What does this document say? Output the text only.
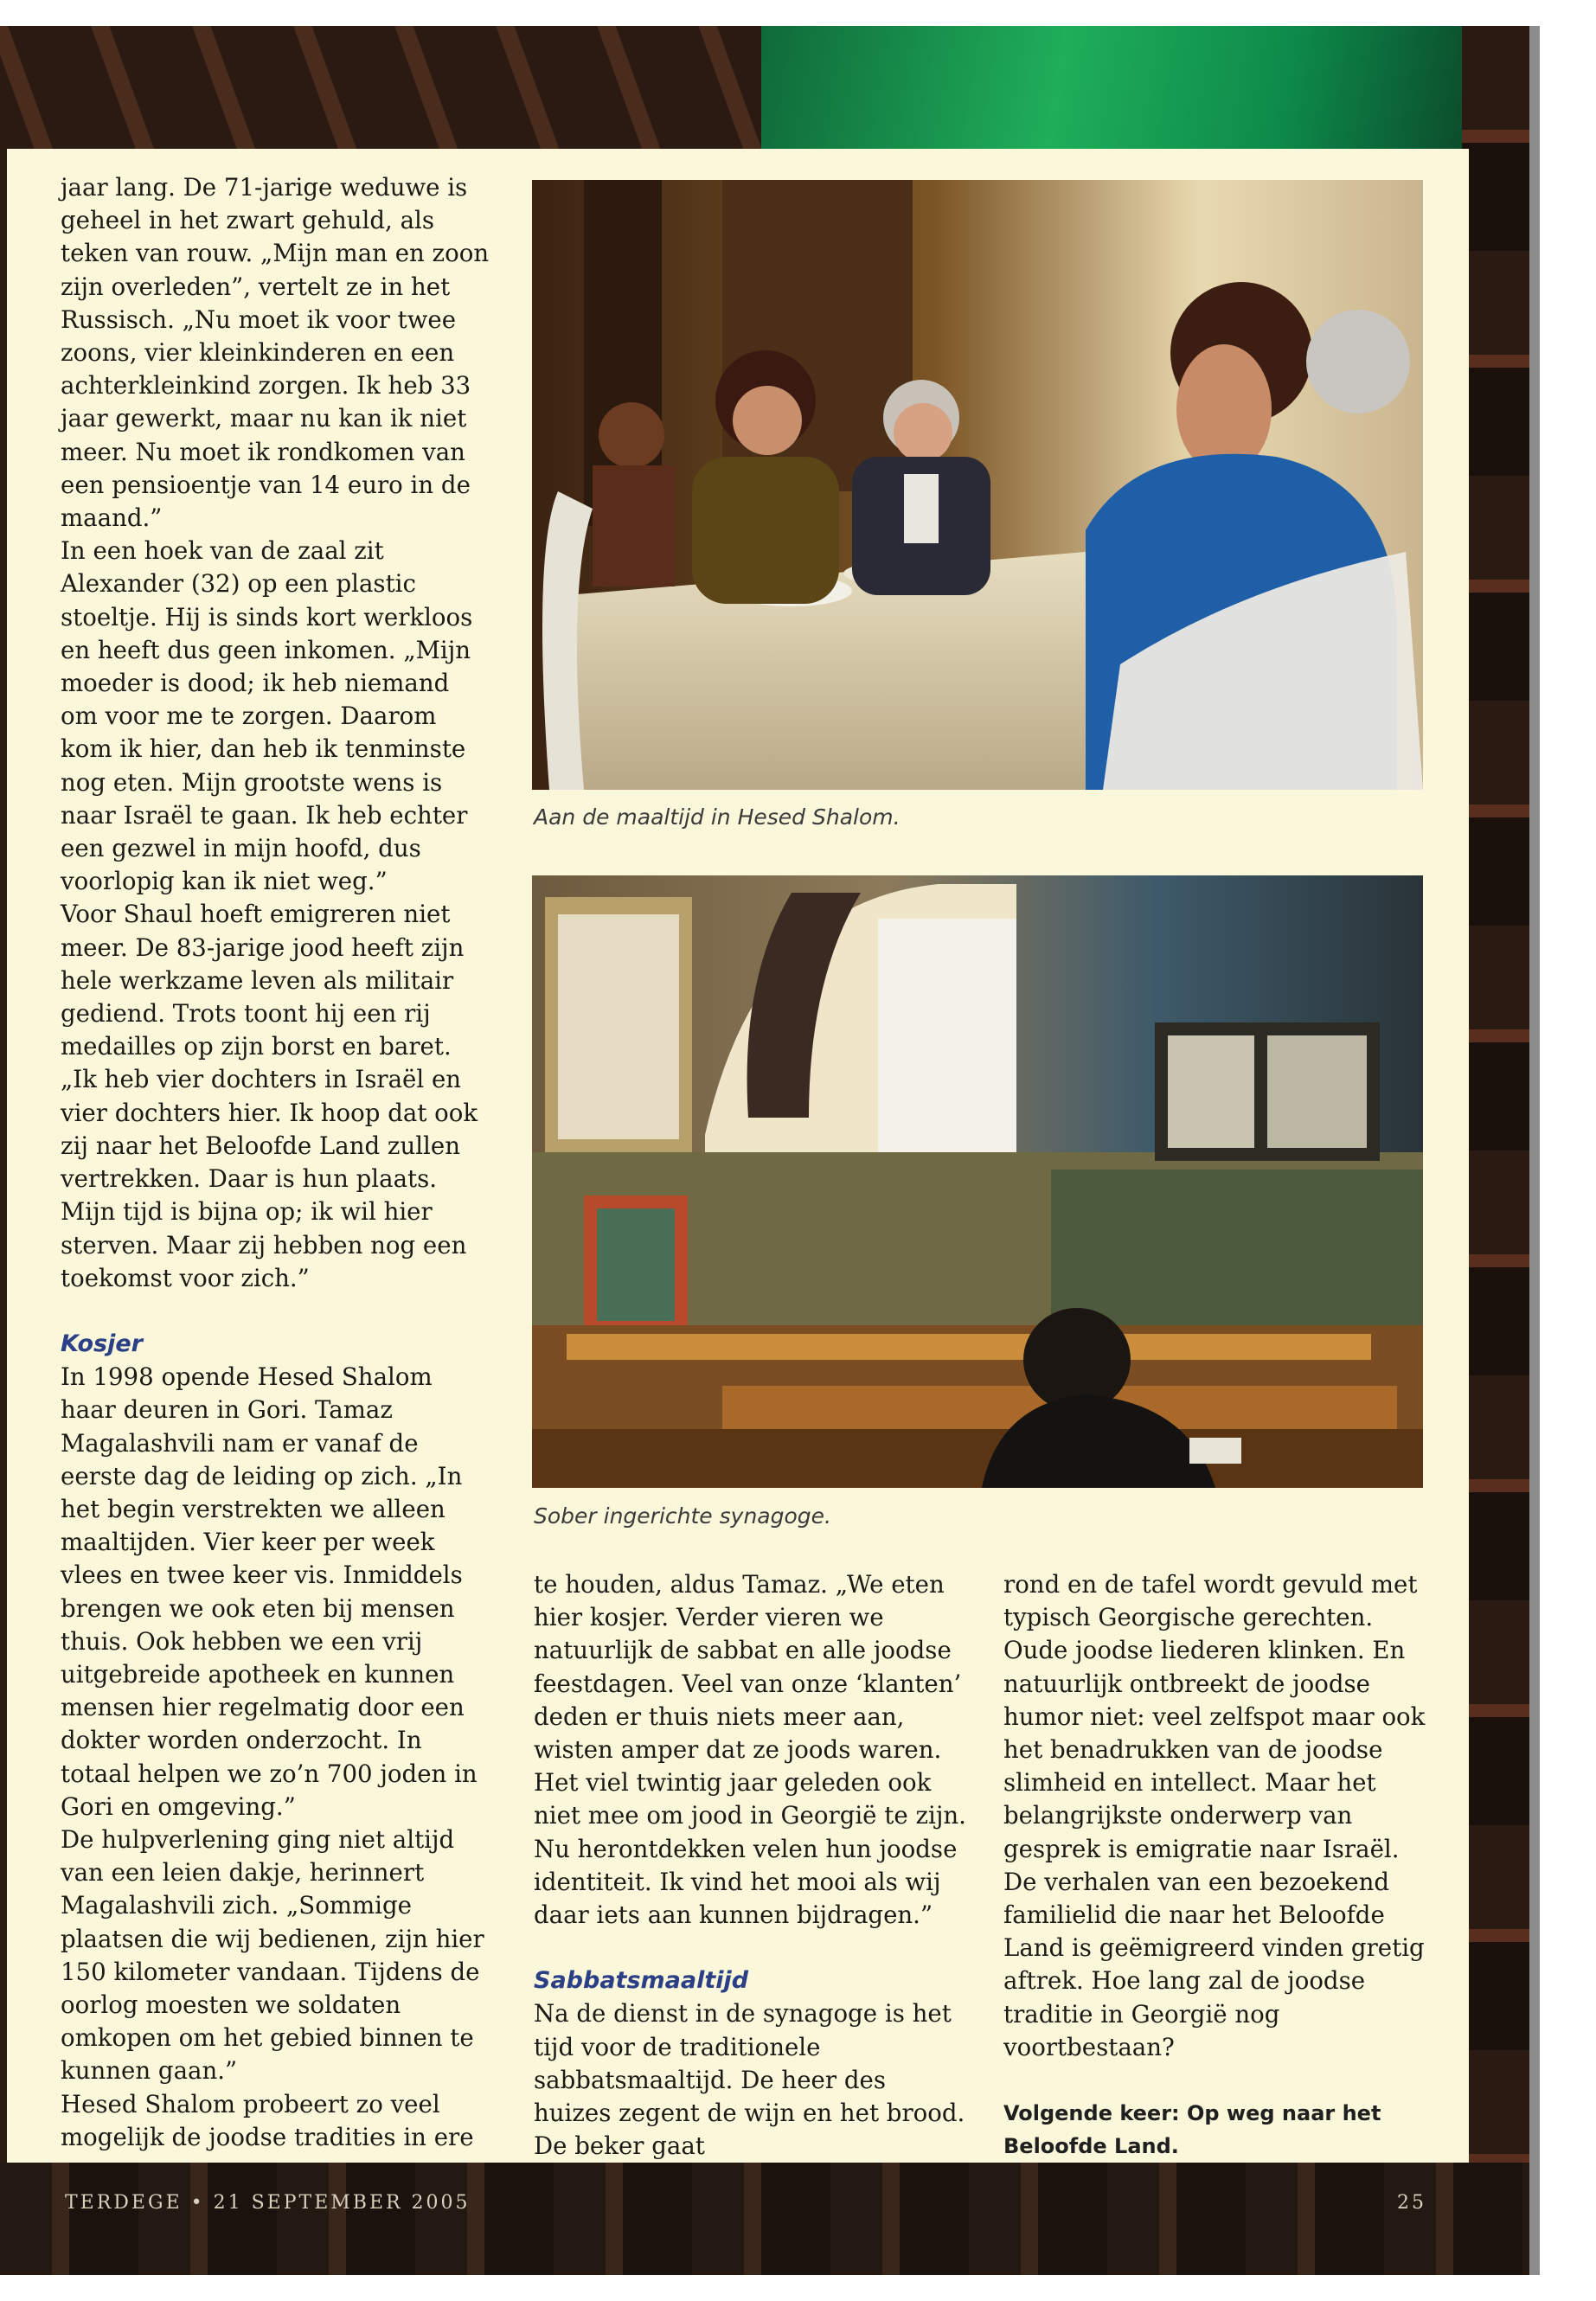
jaar lang. De 71-jarige weduwe is geheel in het zwart gehuld, als teken van rouw. „Mijn man en zoon zijn overleden”, vertelt ze in het Russisch. „Nu moet ik voor twee zoons, vier kleinkinderen en een achterkleinkind zorgen. Ik heb 33 jaar gewerkt, maar nu kan ik niet meer. Nu moet ik rondkomen van een pensioentje van 14 euro in de maand.”

In een hoek van de zaal zit Alexander (32) op een plastic stoeltje. Hij is sinds kort werkloos en heeft dus geen inkomen. „Mijn moeder is dood; ik heb niemand om voor me te zorgen. Daarom kom ik hier, dan heb ik tenminste nog eten. Mijn grootste wens is naar Israël te gaan. Ik heb echter een gezwel in mijn hoofd, dus voorlopig kan ik niet weg.”

Voor Shaul hoeft emigreren niet meer. De 83-jarige jood heeft zijn hele werkzame leven als militair gediend. Trots toont hij een rij medailles op zijn borst en baret. „Ik heb vier dochters in Israël en vier dochters hier. Ik hoop dat ook zij naar het Beloofde Land zullen vertrekken. Daar is hun plaats. Mijn tijd is bijna op; ik wil hier sterven. Maar zij hebben nog een toekomst voor zich.”

Kosjer

In 1998 opende Hesed Shalom haar deuren in Gori. Tamaz Magalashvili nam er vanaf de eerste dag de leiding op zich. „In het begin verstrekten we alleen maaltijden. Vier keer per week vlees en twee keer vis. Inmiddels brengen we ook eten bij mensen thuis. Ook hebben we een vrij uitgebreide apotheek en kunnen mensen hier regelmatig door een dokter worden onderzocht. In totaal helpen we zo’n 700 joden in Gori en omgeving.”

De hulpverlening ging niet altijd van een leien dakje, herinnert Magalashvili zich. „Sommige plaatsen die wij bedienen, zijn hier 150 kilometer vandaan. Tijdens de oorlog moesten we soldaten omkopen om het gebied binnen te kunnen gaan.”

Hesed Shalom probeert zo veel mogelijk de joodse tradities in ere

Aan de maaltijd in Hesed Shalom.
Sober ingerichte synagoge.

te houden, aldus Tamaz. „We eten hier kosjer. Verder vieren we natuurlijk de sabbat en alle joodse feestdagen. Veel van onze ‘klanten’ deden er thuis niets meer aan, wisten amper dat ze joods waren. Het viel twintig jaar geleden ook niet mee om jood in Georgië te zijn. Nu herontdekken velen hun joodse identiteit. Ik vind het mooi als wij daar iets aan kunnen bijdragen.”

Sabbatsmaaltijd

Na de dienst in de synagoge is het tijd voor de traditionele sabbatsmaaltijd. De heer des huizes zegent de wijn en het brood. De beker gaat

rond en de tafel wordt gevuld met typisch Georgische gerechten. Oude joodse liederen klinken. En natuurlijk ontbreekt de joodse humor niet: veel zelfspot maar ook het benadrukken van de joodse slimheid en intellect. Maar het belangrijkste onderwerp van gesprek is emigratie naar Israël. De verhalen van een bezoekend familielid die naar het Beloofde Land is geëmigreerd vinden gretig aftrek. Hoe lang zal de joodse traditie in Georgië nog voortbestaan?

Volgende keer: Op weg naar het Beloofde Land.

TERDEGE • 21 SEPTEMBER 2005	25
